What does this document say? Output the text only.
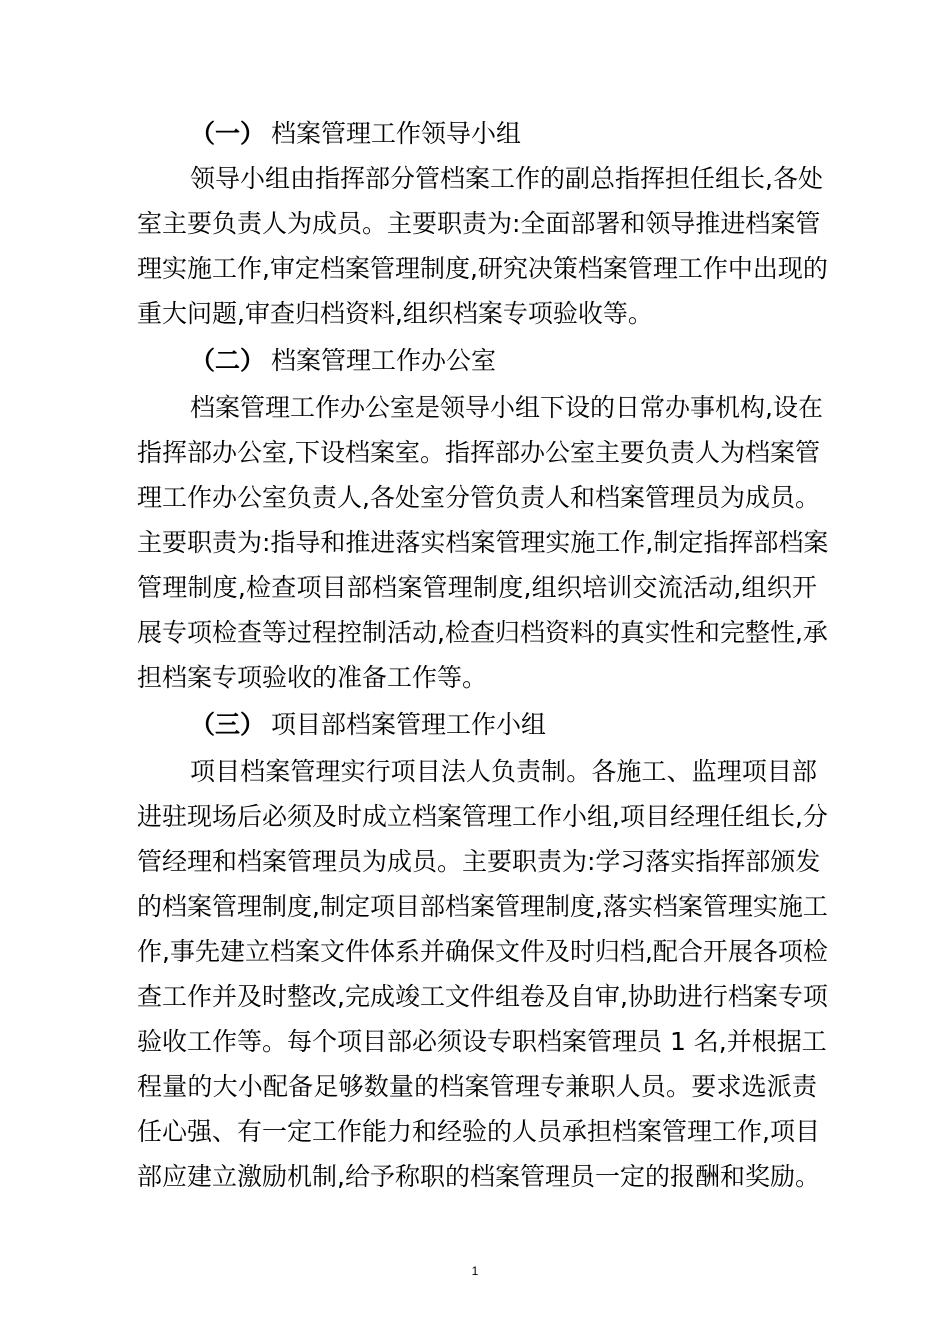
（一） 档案管理工作领导小组
领导小组由指挥部分管档案工作的副总指挥担任组长,各处
室主要负责人为成员。主要职责为:全面部署和领导推进档案管
理实施工作,审定档案管理制度,研究决策档案管理工作中出现的
重大问题,审查归档资料,组织档案专项验收等。
（二） 档案管理工作办公室
档案管理工作办公室是领导小组下设的日常办事机构,设在
指挥部办公室,下设档案室。指挥部办公室主要负责人为档案管
理工作办公室负责人,各处室分管负责人和档案管理员为成员。
主要职责为:指导和推进落实档案管理实施工作,制定指挥部档案
管理制度,检查项目部档案管理制度,组织培训交流活动,组织开
展专项检查等过程控制活动,检查归档资料的真实性和完整性,承
担档案专项验收的准备工作等。
（三） 项目部档案管理工作小组
项目档案管理实行项目法人负责制。各施工、监理项目部
进驻现场后必须及时成立档案管理工作小组,项目经理任组长,分
管经理和档案管理员为成员。主要职责为:学习落实指挥部颁发
的档案管理制度,制定项目部档案管理制度,落实档案管理实施工
作,事先建立档案文件体系并确保文件及时归档,配合开展各项检
查工作并及时整改,完成竣工文件组卷及自审,协助进行档案专项
验收工作等。每个项目部必须设专职档案管理员 1 名,并根据工
程量的大小配备足够数量的档案管理专兼职人员。要求选派责
任心强、有一定工作能力和经验的人员承担档案管理工作,项目
部应建立激励机制,给予称职的档案管理员一定的报酬和奖励。
1
